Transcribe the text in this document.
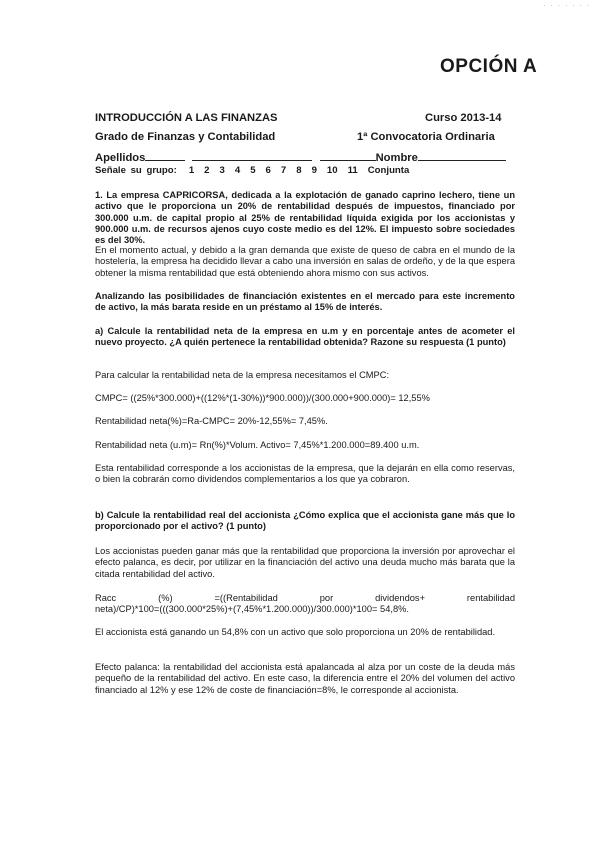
. . . . . . .
OPCIÓN A
INTRODUCCIÓN A LAS FINANZAS	Curso 2013-14
Grado de Finanzas y Contabilidad	1ª Convocatoria Ordinaria
Apellidos	Nombre
Señale su grupo: 1 2 3 4 5 6 7 8 9 10 11 Conjunta
1. La empresa CAPRICORSA, dedicada a la explotación de ganado caprino lechero, tiene un activo que le proporciona un 20% de rentabilidad después de impuestos, financiado por 300.000 u.m. de capital propio al 25% de rentabilidad líquida exigida por los accionistas y 900.000 u.m. de recursos ajenos cuyo coste medio es del 12%. El impuesto sobre sociedades es del 30%.
En el momento actual, y debido a la gran demanda que existe de queso de cabra en el mundo de la hostelería, la empresa ha decidido llevar a cabo una inversión en salas de ordeño, y de la que espera obtener la misma rentabilidad que está obteniendo ahora mismo con sus activos.
Analizando las posibilidades de financiación existentes en el mercado para este incremento de activo, la más barata reside en un préstamo al 15% de interés.
a) Calcule la rentabilidad neta de la empresa en u.m y en porcentaje antes de acometer el nuevo proyecto. ¿A quién pertenece la rentabilidad obtenida? Razone su respuesta (1 punto)
Para calcular la rentabilidad neta de la empresa necesitamos el CMPC:
CMPC= ((25%*300.000)+((12%*(1-30%))*900.000))/(300.000+900.000)= 12,55%
Rentabilidad neta(%)=Ra-CMPC= 20%-12,55%= 7,45%.
Rentabilidad neta (u.m)= Rn(%)*Volum. Activo= 7,45%*1.200.000=89.400 u.m.
Esta rentabilidad corresponde a los accionistas de la empresa, que la dejarán en ella como reservas, o bien la cobrarán como dividendos complementarios a los que ya cobraron.
b) Calcule la rentabilidad real del accionista ¿Cómo explica que el accionista gane más que lo proporcionado por el activo? (1 punto)
Los accionistas pueden ganar más que la rentabilidad que proporciona la inversión por aprovechar el efecto palanca, es decir, por utilizar en la financiación del activo una deuda mucho más barata que la citada rentabilidad del activo.
Racc (%) =((Rentabilidad por dividendos+ rentabilidad
neta)/CP)*100=(((300.000*25%)+(7,45%*1.200.000))/300.000)*100= 54,8%.
El accionista está ganando un 54,8% con un activo que solo proporciona un 20% de rentabilidad.
Efecto palanca: la rentabilidad del accionista está apalancada al alza por un coste de la deuda más pequeño de la rentabilidad del activo. En este caso, la diferencia entre el 20% del volumen del activo financiado al 12% y ese 12% de coste de financiación=8%, le corresponde al accionista.
